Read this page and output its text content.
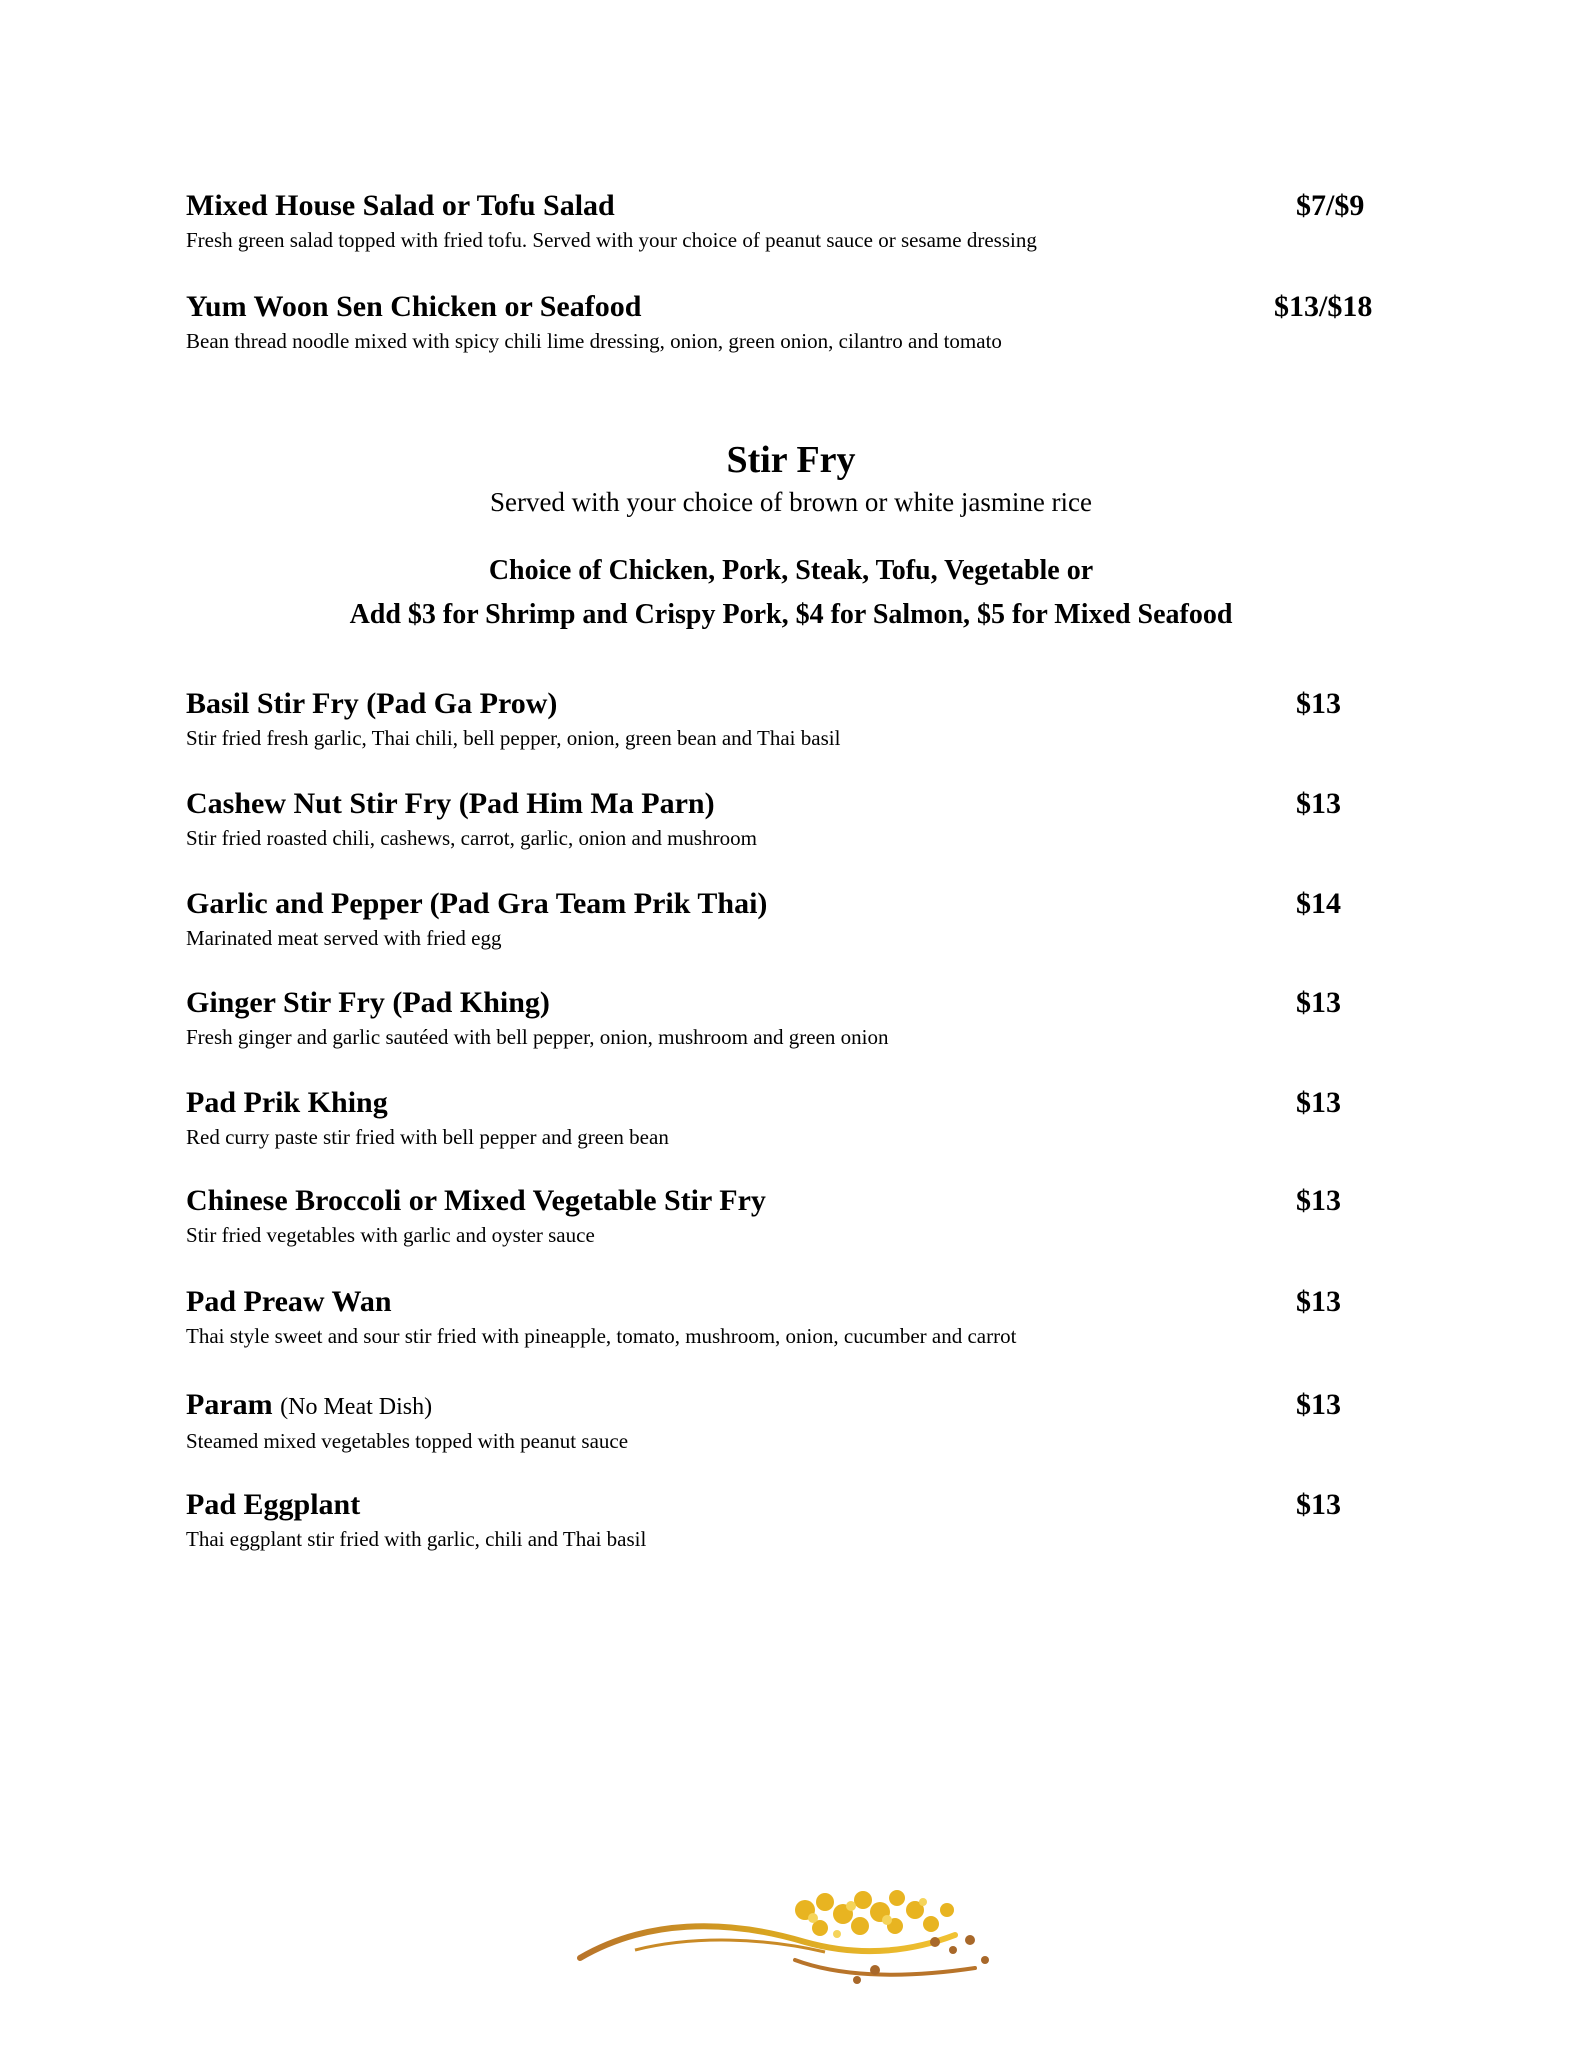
Mixed House Salad or Tofu Salad	$7/$9
Fresh green salad topped with fried tofu. Served with your choice of peanut sauce or sesame dressing
Yum Woon Sen Chicken or Seafood	$13/$18
Bean thread noodle mixed with spicy chili lime dressing, onion, green onion, cilantro and tomato
Stir Fry
Served with your choice of brown or white jasmine rice
Choice of Chicken, Pork, Steak, Tofu, Vegetable or
Add $3 for Shrimp and Crispy Pork, $4 for Salmon, $5 for Mixed Seafood
Basil Stir Fry (Pad Ga Prow)	$13
Stir fried fresh garlic, Thai chili, bell pepper, onion, green bean and Thai basil
Cashew Nut Stir Fry (Pad Him Ma Parn)	$13
Stir fried roasted chili, cashews, carrot, garlic, onion and mushroom
Garlic and Pepper (Pad Gra Team Prik Thai)	$14
Marinated meat served with fried egg
Ginger Stir Fry (Pad Khing)	$13
Fresh ginger and garlic sautéed with bell pepper, onion, mushroom and green onion
Pad Prik Khing	$13
Red curry paste stir fried with bell pepper and green bean
Chinese Broccoli or Mixed Vegetable Stir Fry	$13
Stir fried vegetables with garlic and oyster sauce
Pad Preaw Wan	$13
Thai style sweet and sour stir fried with pineapple, tomato, mushroom, onion, cucumber and carrot
Param (No Meat Dish)	$13
Steamed mixed vegetables topped with peanut sauce
Pad Eggplant	$13
Thai eggplant stir fried with garlic, chili and Thai basil
